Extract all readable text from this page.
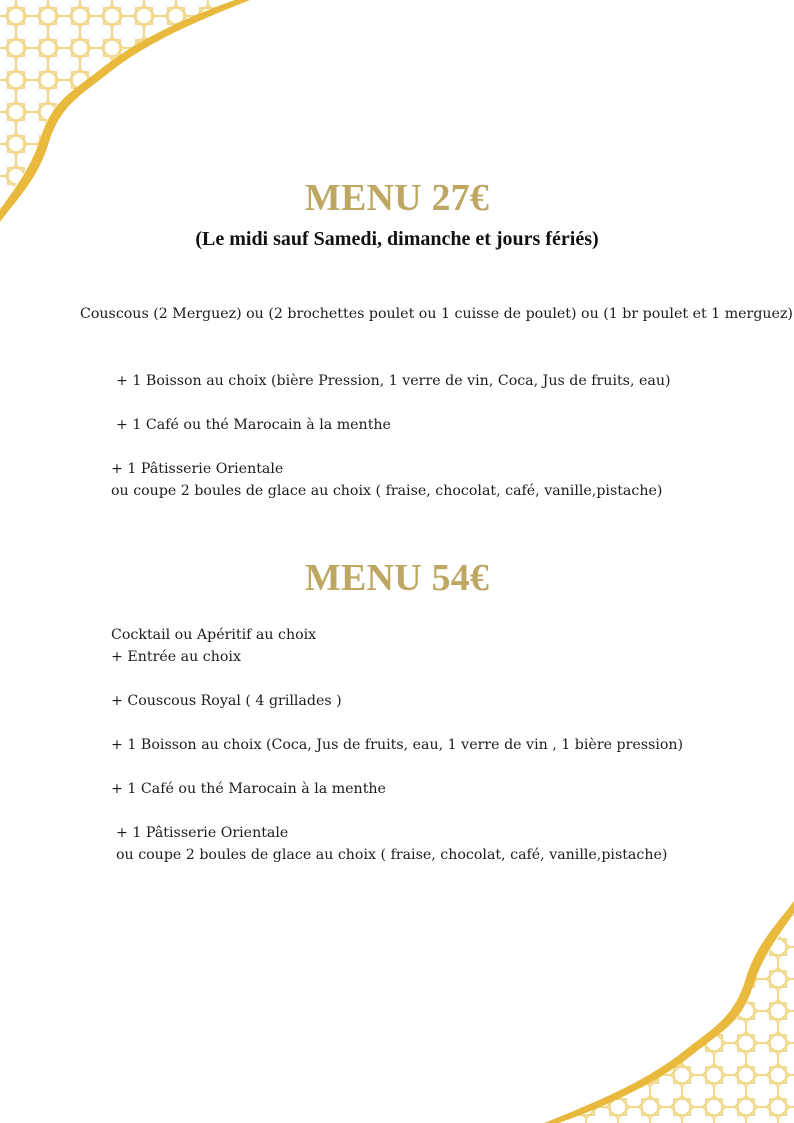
MENU 27€
(Le midi sauf Samedi, dimanche et jours fériés)

Couscous (2 Merguez) ou (2 brochettes poulet ou 1 cuisse de poulet) ou (1 br poulet et 1 merguez)

+ 1 Boisson au choix (bière Pression, 1 verre de vin, Coca, Jus de fruits, eau)

+ 1 Café ou thé Marocain à la menthe

+ 1 Pâtisserie Orientale

ou coupe 2 boules de glace au choix ( fraise, chocolat, café, vanille,pistache)

MENU 54€

Cocktail ou Apéritif au choix

+ Entrée au choix

+ Couscous Royal ( 4 grillades )

+ 1 Boisson au choix (Coca, Jus de fruits, eau, 1 verre de vin , 1 bière pression)

+ 1 Café ou thé Marocain à la menthe

+ 1 Pâtisserie Orientale

ou coupe 2 boules de glace au choix ( fraise, chocolat, café, vanille,pistache)
